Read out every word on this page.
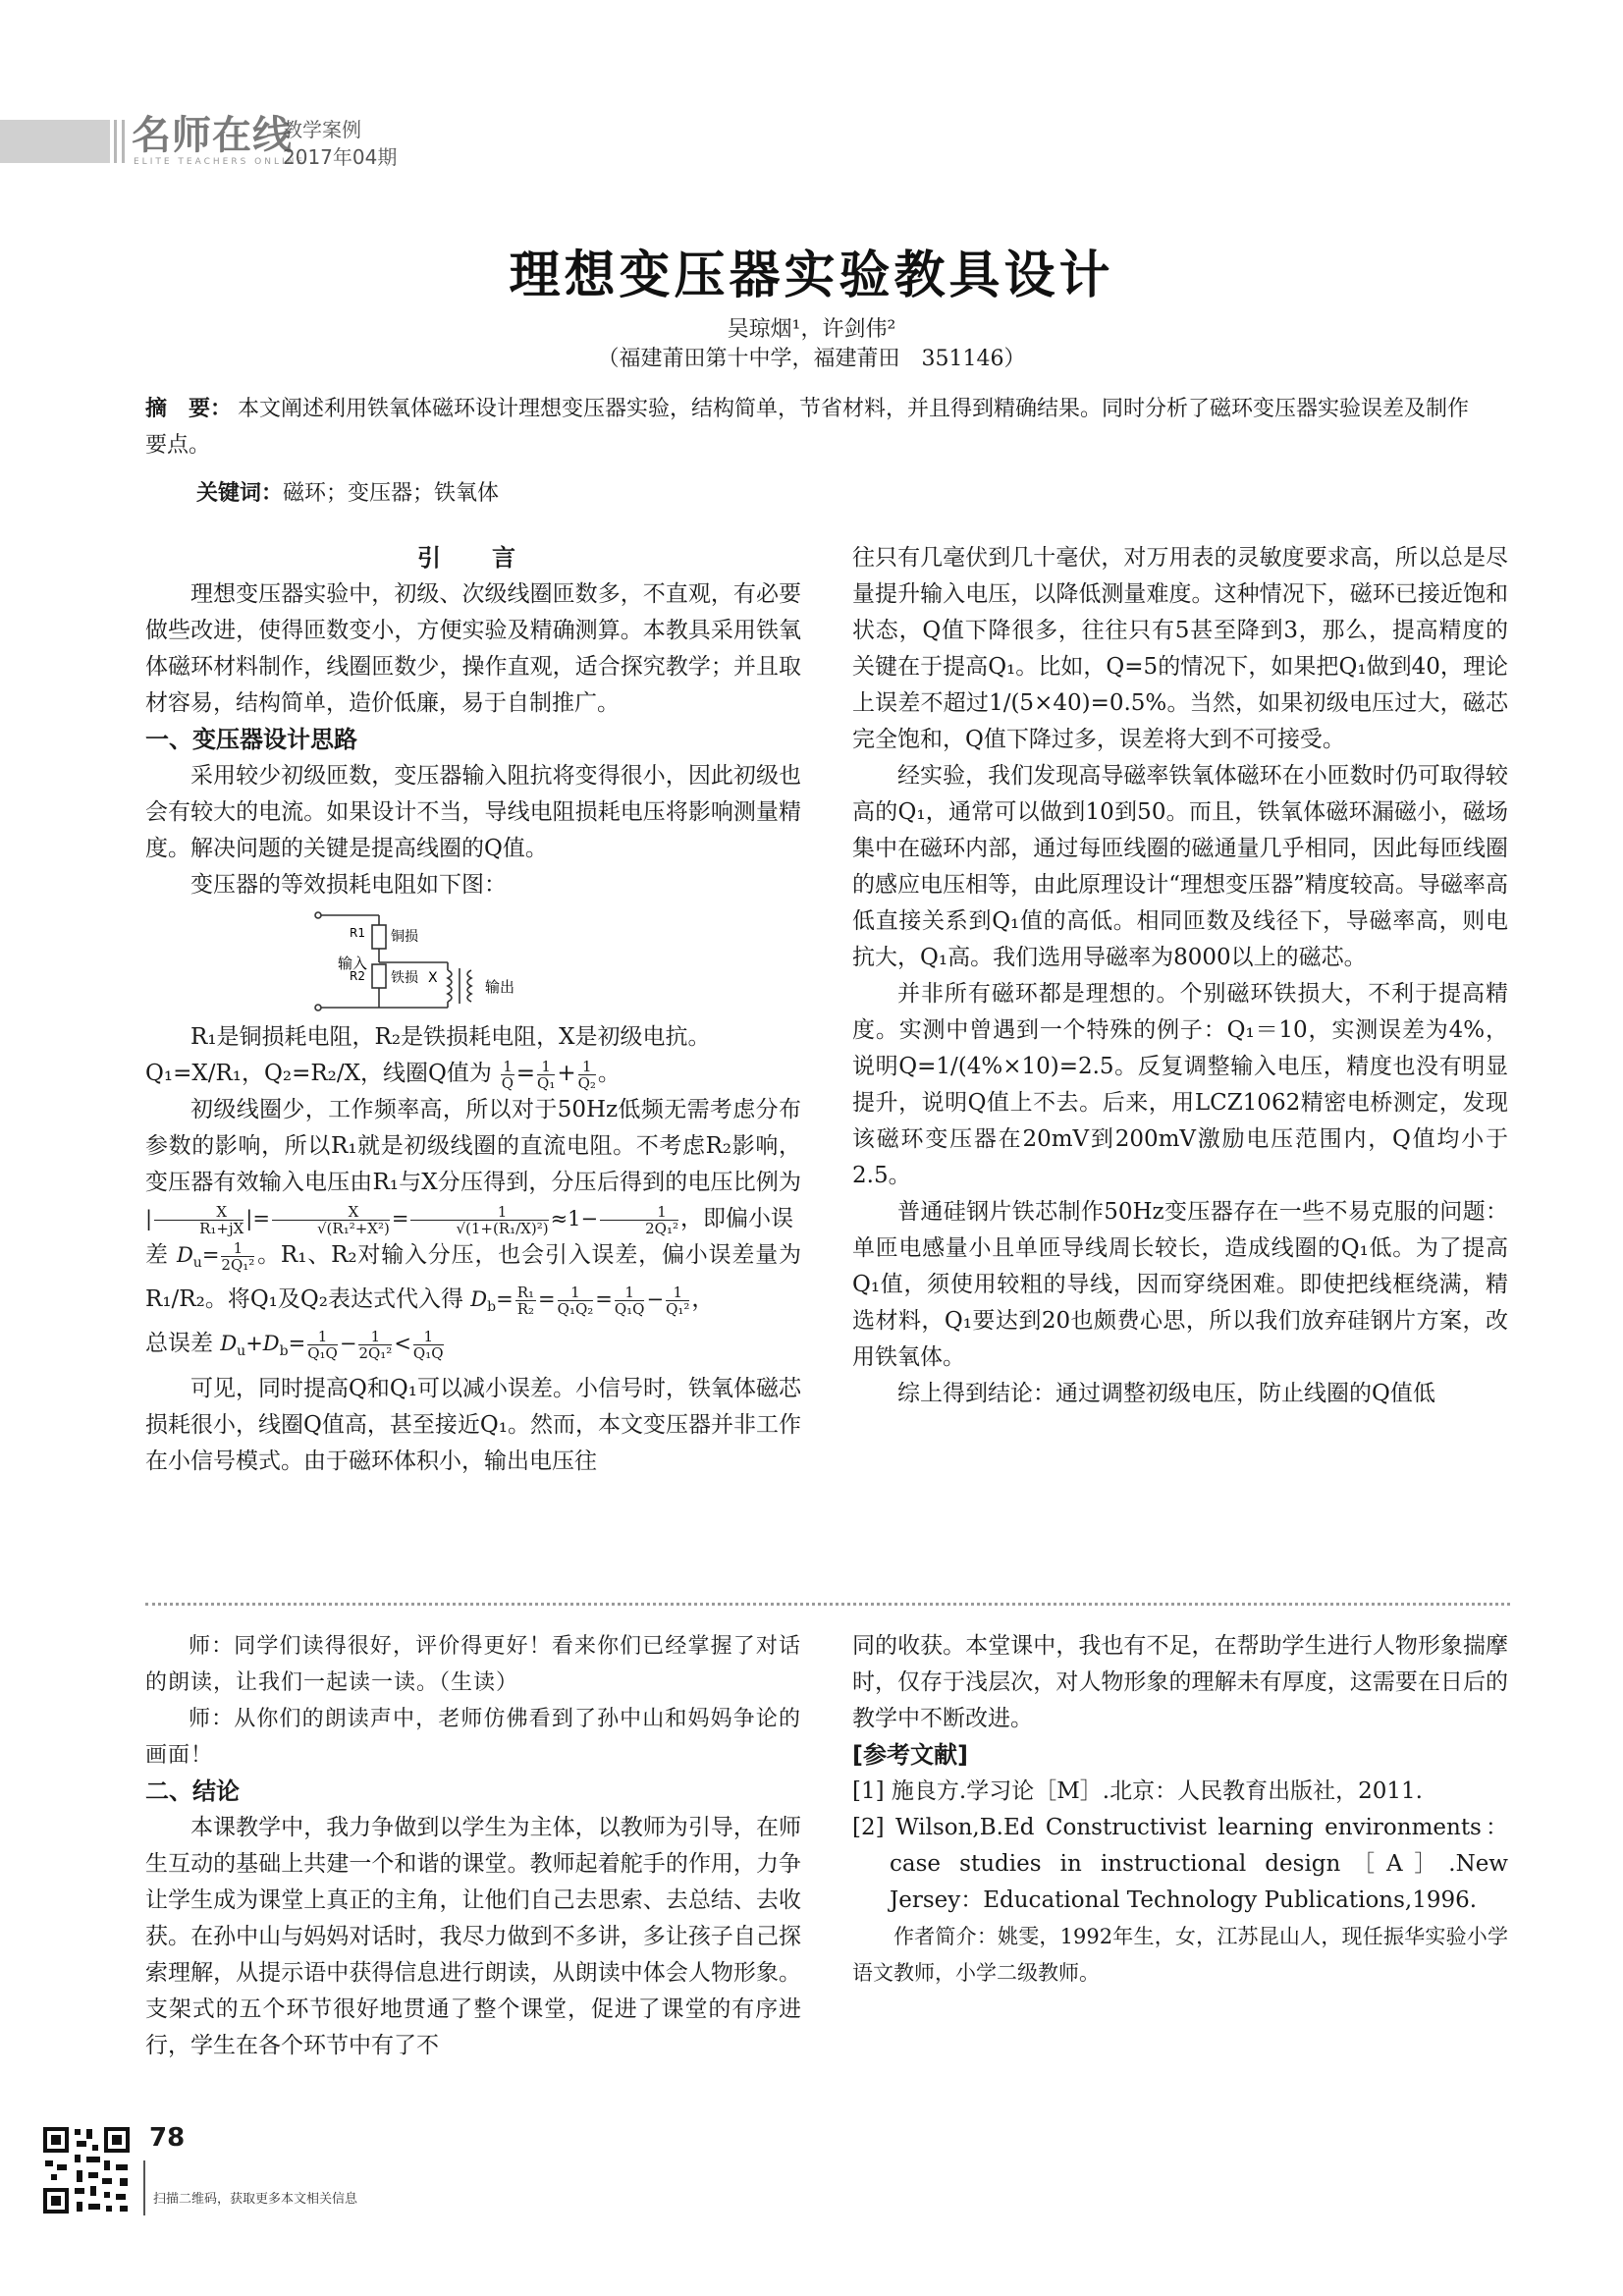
名师在线
ELITE TEACHERS ONLINE
教学案例
2017年04期
理想变压器实验教具设计
吴琼烟¹，许剑伟²
（福建莆田第十中学，福建莆田　351146）
摘　要： 本文阐述利用铁氧体磁环设计理想变压器实验，结构简单，节省材料，并且得到精确结果。同时分析了磁环变压器实验误差及制作要点。
关键词：磁环；变压器；铁氧体

引　言

理想变压器实验中，初级、次级线圈匝数多，不直观，有必要做些改进，使得匝数变小，方便实验及精确测算。本教具采用铁氧体磁环材料制作，线圈匝数少，操作直观，适合探究教学；并且取材容易，结构简单，造价低廉，易于自制推广。

一、变压器设计思路

采用较少初级匝数，变压器输入阻抗将变得很小，因此初级也会有较大的电流。如果设计不当，导线电阻损耗电压将影响测量精度。解决问题的关键是提高线圈的Q值。

变压器的等效损耗电阻如下图：

输入
R1 铜损
R2 铁损 X	输出

R₁是铜损耗电阻，R₂是铁损耗电阻，X是初级电抗。

Q₁=X/R₁，Q₂=R₂/X，线圈Q值为 $\frac{1}{Q} = \frac{1}{\text{Q₁}} + \frac{1}{\text{Q₂}}$ 。

初级线圈少，工作频率高，所以对于50Hz低频无需考虑分布参数的影响，所以R₁就是初级线圈的直流电阻。不考虑R₂影响，变压器有效输入电压由R₁与X分压得到，分压后得到的电压比例为 | $\frac{X}{\text{R₁+jX}}$ |= $\frac{X}{\text{√(R₁²+X²)}} = \frac{1}{\text{√(1+(R₁/X)²)}} \approx 1- \frac{1}{\text{2Q₁²}}$ ，即偏小误

差 $D_u= \frac{1}{\text{2Q₁²}}$ 。R₁、R₂对输入分压，也会引入误差，偏小误差量为R₁/R₂。将Q₁及Q₂表达式代入得 $D_b= \frac{\text{R₁}}{\text{R₂}} = \frac{1}{\text{Q₁Q₂}} = \frac{1}{\text{Q₁Q}} - \frac{1}{\text{Q₁²}}$ ，

总误差 $D_u+D_b= \frac{1}{\text{Q₁Q}} - \frac{1}{\text{2Q₁²}} < \frac{1}{\text{Q₁Q}}$

可见，同时提高Q和Q₁可以减小误差。小信号时，铁氧体磁芯损耗很小，线圈Q值高，甚至接近Q₁。然而，本文变压器并非工作在小信号模式。由于磁环体积小，输出电压往

往只有几毫伏到几十毫伏，对万用表的灵敏度要求高，所以总是尽量提升输入电压，以降低测量难度。这种情况下，磁环已接近饱和状态，Q值下降很多，往往只有5甚至降到3，那么，提高精度的关键在于提高Q₁。比如，Q=5的情况下，如果把Q₁做到40，理论上误差不超过1/(5×40)=0.5%。当然，如果初级电压过大，磁芯完全饱和，Q值下降过多，误差将大到不可接受。

经实验，我们发现高导磁率铁氧体磁环在小匝数时仍可取得较高的Q₁，通常可以做到10到50。而且，铁氧体磁环漏磁小，磁场集中在磁环内部，通过每匝线圈的磁通量几乎相同，因此每匝线圈的感应电压相等，由此原理设计“理想变压器”精度较高。导磁率高低直接关系到Q₁值的高低。相同匝数及线径下，导磁率高，则电抗大，Q₁高。我们选用导磁率为8000以上的磁芯。

并非所有磁环都是理想的。个别磁环铁损大，不利于提高精度。实测中曾遇到一个特殊的例子：Q₁＝10，实测误差为4%，说明Q=1/(4%×10)=2.5。反复调整输入电压，精度也没有明显提升，说明Q值上不去。后来，用LCZ1062精密电桥测定，发现该磁环变压器在20mV到200mV激励电压范围内，Q值均小于2.5。

普通硅钢片铁芯制作50Hz变压器存在一些不易克服的问题：单匝电感量小且单匝导线周长较长，造成线圈的Q₁低。为了提高Q₁值，须使用较粗的导线，因而穿绕困难。即使把线框绕满，精选材料，Q₁要达到20也颇费心思，所以我们放弃硅钢片方案，改用铁氧体。

综上得到结论：通过调整初级电压，防止线圈的Q值低

师：同学们读得很好，评价得更好！看来你们已经掌握了对话的朗读，让我们一起读一读。（生读）

师：从你们的朗读声中，老师仿佛看到了孙中山和妈妈争论的画面！

二、结论

本课教学中，我力争做到以学生为主体，以教师为引导，在师生互动的基础上共建一个和谐的课堂。教师起着舵手的作用，力争让学生成为课堂上真正的主角，让他们自己去思索、去总结、去收获。在孙中山与妈妈对话时，我尽力做到不多讲，多让孩子自己探索理解，从提示语中获得信息进行朗读，从朗读中体会人物形象。支架式的五个环节很好地贯通了整个课堂，促进了课堂的有序进行，学生在各个环节中有了不

同的收获。本堂课中，我也有不足，在帮助学生进行人物形象揣摩时，仅存于浅层次，对人物形象的理解未有厚度，这需要在日后的教学中不断改进。

[参考文献]

[1] 施良方.学习论［M］.北京：人民教育出版社，2011.

[2] Wilson,B.Ed Constructivist learning environments：case studies in instructional design［A］.New Jersey：Educational Technology Publications,1996.

作者简介：姚雯，1992年生，女，江苏昆山人，现任振华实验小学语文教师，小学二级教师。

78
扫描二维码，获取更多本文相关信息
